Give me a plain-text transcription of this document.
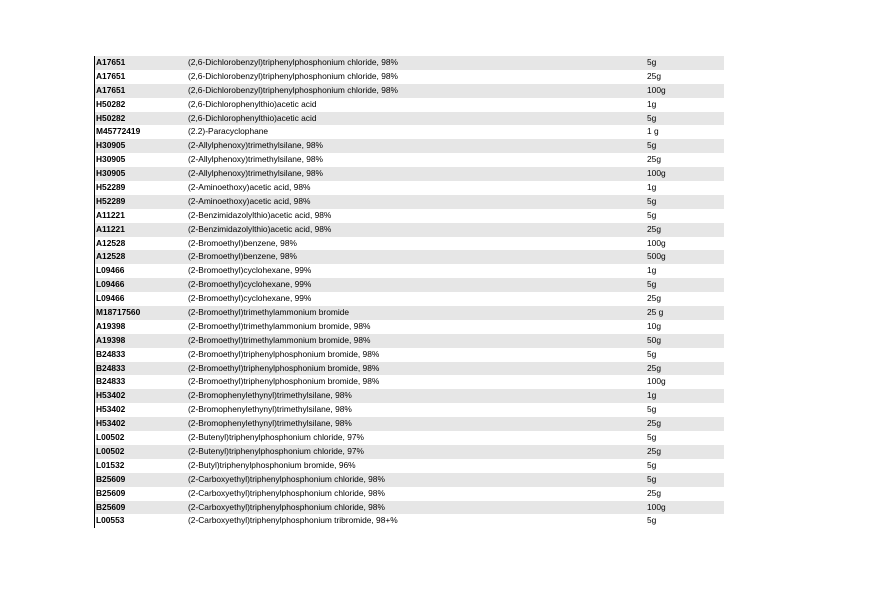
A17651	(2,6-Dichlorobenzyl)triphenylphosphonium chloride, 98%	5g
A17651	(2,6-Dichlorobenzyl)triphenylphosphonium chloride, 98%	25g
A17651	(2,6-Dichlorobenzyl)triphenylphosphonium chloride, 98%	100g
H50282	(2,6-Dichlorophenylthio)acetic acid	1g
H50282	(2,6-Dichlorophenylthio)acetic acid	5g
M45772419	(2.2)-Paracyclophane	1 g
H30905	(2-Allylphenoxy)trimethylsilane, 98%	5g
H30905	(2-Allylphenoxy)trimethylsilane, 98%	25g
H30905	(2-Allylphenoxy)trimethylsilane, 98%	100g
H52289	(2-Aminoethoxy)acetic acid, 98%	1g
H52289	(2-Aminoethoxy)acetic acid, 98%	5g
A11221	(2-Benzimidazolylthio)acetic acid, 98%	5g
A11221	(2-Benzimidazolylthio)acetic acid, 98%	25g
A12528	(2-Bromoethyl)benzene, 98%	100g
A12528	(2-Bromoethyl)benzene, 98%	500g
L09466	(2-Bromoethyl)cyclohexane, 99%	1g
L09466	(2-Bromoethyl)cyclohexane, 99%	5g
L09466	(2-Bromoethyl)cyclohexane, 99%	25g
M18717560	(2-Bromoethyl)trimethylammonium bromide	25 g
A19398	(2-Bromoethyl)trimethylammonium bromide, 98%	10g
A19398	(2-Bromoethyl)trimethylammonium bromide, 98%	50g
B24833	(2-Bromoethyl)triphenylphosphonium bromide, 98%	5g
B24833	(2-Bromoethyl)triphenylphosphonium bromide, 98%	25g
B24833	(2-Bromoethyl)triphenylphosphonium bromide, 98%	100g
H53402	(2-Bromophenylethynyl)trimethylsilane, 98%	1g
H53402	(2-Bromophenylethynyl)trimethylsilane, 98%	5g
H53402	(2-Bromophenylethynyl)trimethylsilane, 98%	25g
L00502	(2-Butenyl)triphenylphosphonium chloride, 97%	5g
L00502	(2-Butenyl)triphenylphosphonium chloride, 97%	25g
L01532	(2-Butyl)triphenylphosphonium bromide, 96%	5g
B25609	(2-Carboxyethyl)triphenylphosphonium chloride, 98%	5g
B25609	(2-Carboxyethyl)triphenylphosphonium chloride, 98%	25g
B25609	(2-Carboxyethyl)triphenylphosphonium chloride, 98%	100g
L00553	(2-Carboxyethyl)triphenylphosphonium tribromide, 98+%	5g
